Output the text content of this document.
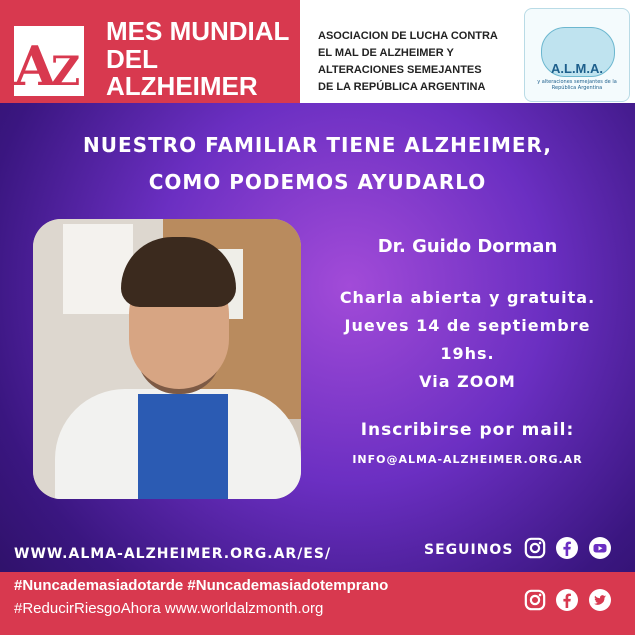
A
Z
MES MUNDIAL
DEL
ALZHEIMER
ASOCIACION DE LUCHA CONTRA
EL MAL DE ALZHEIMER Y
ALTERACIONES SEMEJANTES
DE LA REPÚBLICA ARGENTINA
A.L.M.A.
y alteraciones semejantes de la República Argentina
NUESTRO FAMILIAR TIENE ALZHEIMER,
COMO PODEMOS AYUDARLO
Dr. Guido Dorman
Charla abierta y gratuita.
Jueves 14 de septiembre
19hs.
Via ZOOM
Inscribirse por mail:
INFO@ALMA-ALZHEIMER.ORG.AR
WWW.ALMA-ALZHEIMER.ORG.AR/ES/	SEGUINOS
#Nuncademasiadotarde #Nuncademasiadotemprano
#ReducirRiesgoAhora www.worldalzmonth.org
